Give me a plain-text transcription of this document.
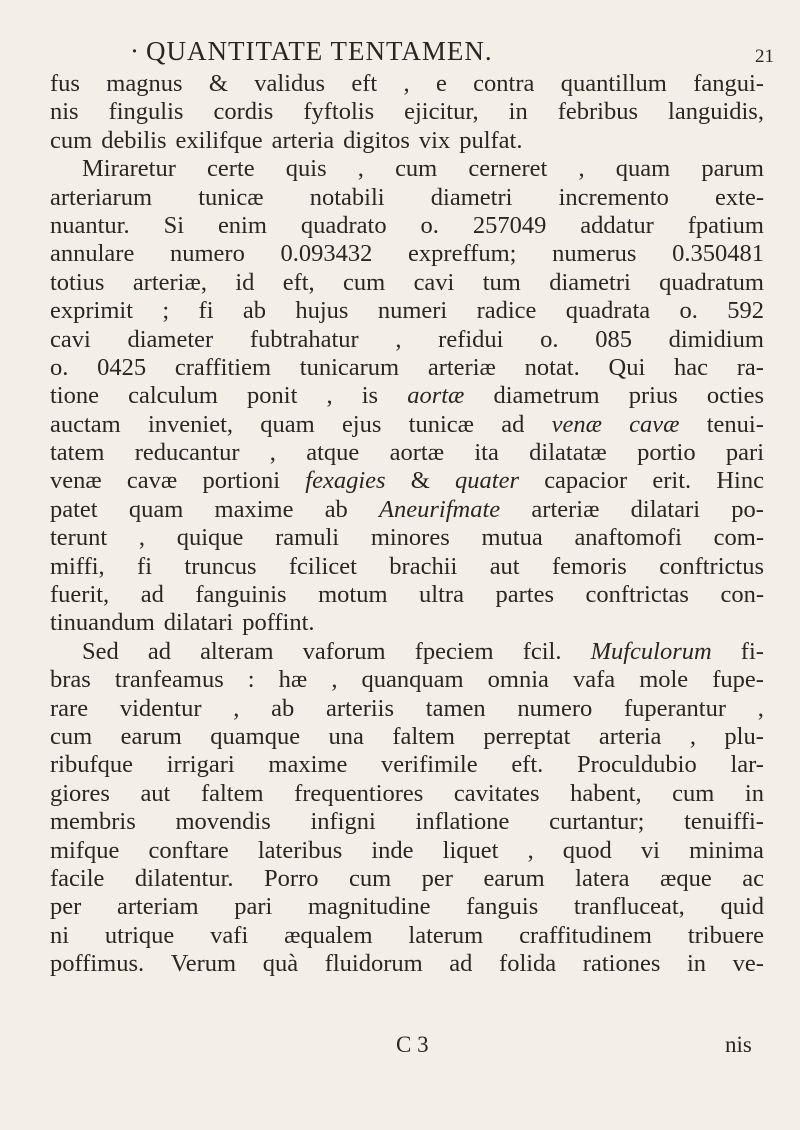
· QUANTITATE TENTAMEN.	21
fus magnus & validus eft , e contra quantillum fangui-
nis fingulis cordis fyftolis ejicitur, in febribus languidis,
cum debilis exilifque arteria digitos vix pulfat.
Miraretur certe quis , cum cerneret , quam parum
arteriarum tunicæ notabili diametri incremento exte-
nuantur. Si enim quadrato o. 257049 addatur fpatium
annulare numero 0.093432 expreffum; numerus 0.350481
totius arteriæ, id eft, cum cavi tum diametri quadratum
exprimit ; fi ab hujus numeri radice quadrata o. 592
cavi diameter fubtrahatur , refidui o. 085 dimidium
o. 0425 craffitiem tunicarum arteriæ notat. Qui hac ra-
tione calculum ponit , is aortæ diametrum prius octies
auctam inveniet, quam ejus tunicæ ad venæ cavæ tenui-
tatem reducantur , atque aortæ ita dilatatæ portio pari
venæ cavæ portioni fexagies & quater capacior erit. Hinc
patet quam maxime ab Aneurifmate arteriæ dilatari po-
terunt , quique ramuli minores mutua anaftomofi com-
miffi, fi truncus fcilicet brachii aut femoris conftrictus
fuerit, ad fanguinis motum ultra partes conftrictas con-
tinuandum dilatari poffint.
Sed ad alteram vaforum fpeciem fcil. Mufculorum fi-
bras tranfeamus : hæ , quanquam omnia vafa mole fupe-
rare videntur , ab arteriis tamen numero fuperantur ,
cum earum quamque una faltem perreptat arteria , plu-
ribufque irrigari maxime verifimile eft. Proculdubio lar-
giores aut faltem frequentiores cavitates habent, cum in
membris movendis infigni inflatione curtantur; tenuiffi-
mifque conftare lateribus inde liquet , quod vi minima
facile dilatentur. Porro cum per earum latera æque ac
per arteriam pari magnitudine fanguis tranfluceat, quid
ni utrique vafi æqualem laterum craffitudinem tribuere
poffimus. Verum quà fluidorum ad folida rationes in ve-
C 3	nis
